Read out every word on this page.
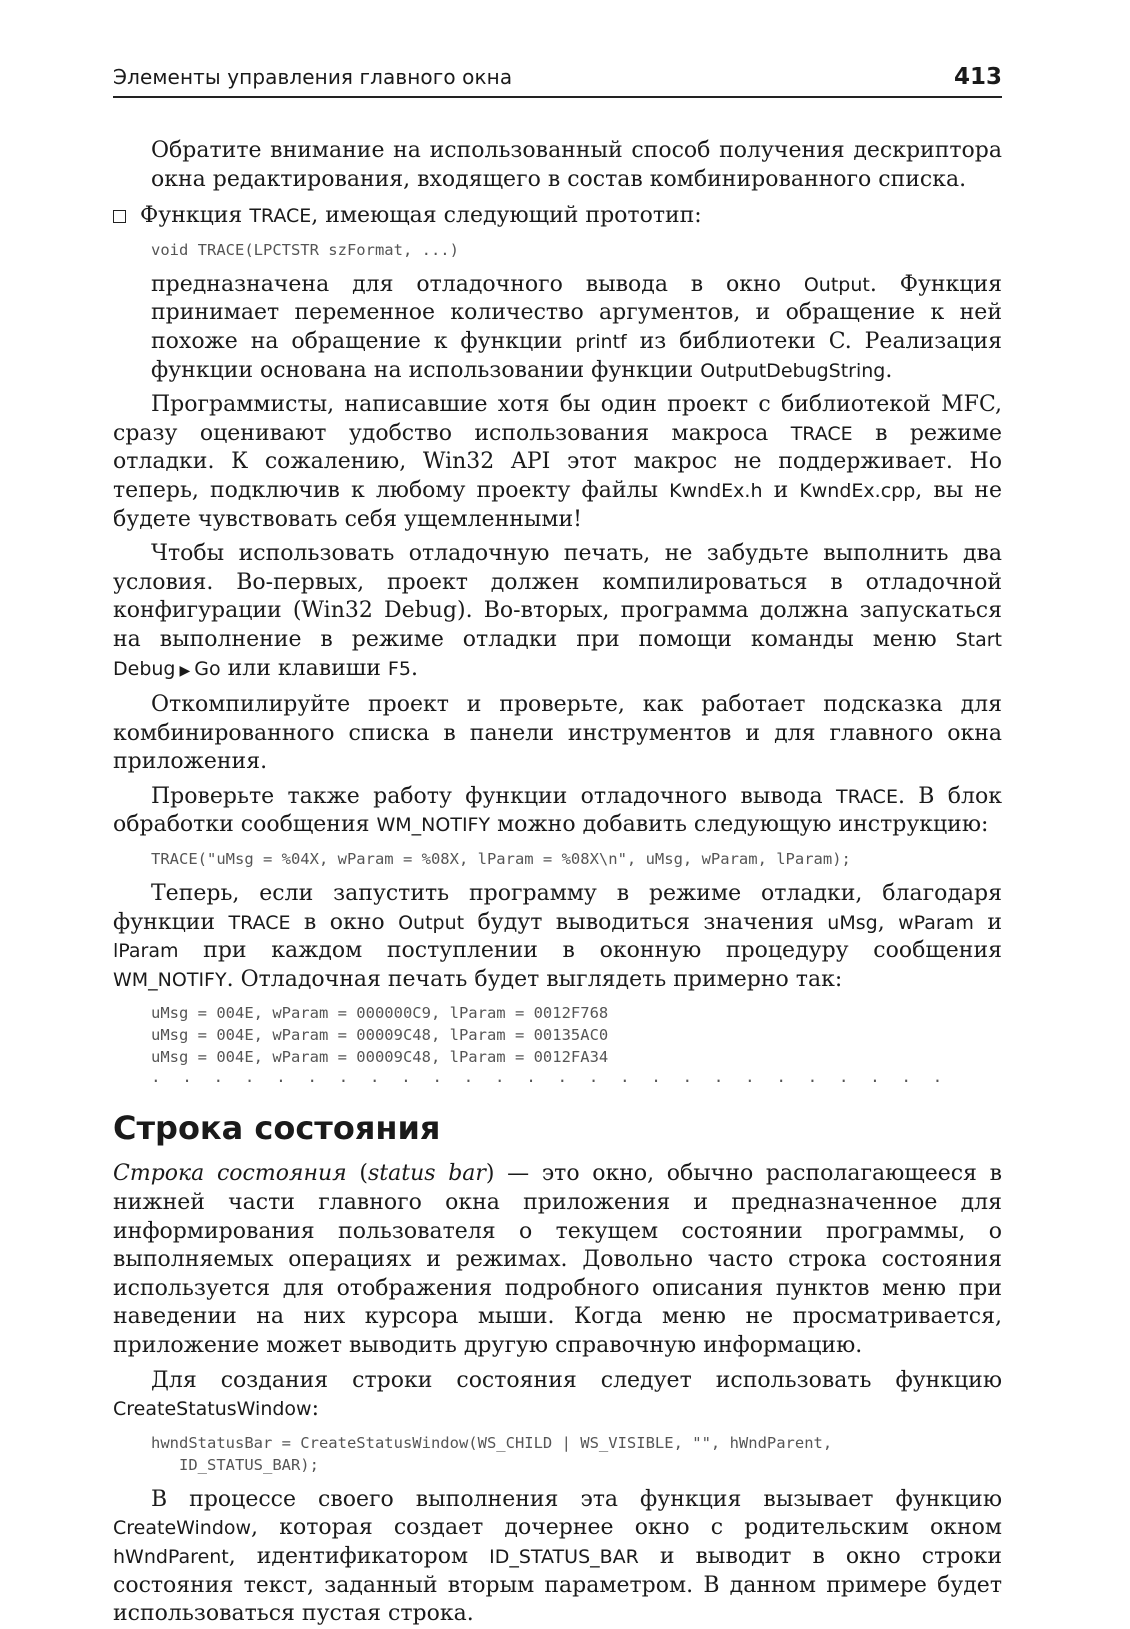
Элементы управления главного окна	413

Обратите внимание на использованный способ получения дескриптора окна редактирования, входящего в состав комбинированного списка.

Функция TRACE, имеющая следующий прототип:

void TRACE(LPCTSTR szFormat, ...)

предназначена для отладочного вывода в окно Output. Функция принимает переменное количество аргументов, и обращение к ней похоже на обращение к функции printf из библиотеки C. Реализация функции основана на использовании функции OutputDebugString.

Программисты, написавшие хотя бы один проект с библиотекой MFC, сразу оценивают удобство использования макроса TRACE в режиме отладки. К сожалению, Win32 API этот макрос не поддерживает. Но теперь, подключив к любому проекту файлы KwndEx.h и KwndEx.cpp, вы не будете чувствовать себя ущемленными!

Чтобы использовать отладочную печать, не забудьте выполнить два условия. Во-первых, проект должен компилироваться в отладочной конфигурации (Win32 Debug). Во-вторых, программа должна запускаться на выполнение в режиме отладки при помощи команды меню Start Debug ▶ Go или клавиши F5.

Откомпилируйте проект и проверьте, как работает подсказка для комбинированного списка в панели инструментов и для главного окна приложения.

Проверьте также работу функции отладочного вывода TRACE. В блок обработки сообщения WM_NOTIFY можно добавить следующую инструкцию:

TRACE("uMsg = %04X, wParam = %08X, lParam = %08X\n", uMsg, wParam, lParam);

Теперь, если запустить программу в режиме отладки, благодаря функции TRACE в окно Output будут выводиться значения uMsg, wParam и lParam при каждом поступлении в оконную процедуру сообщения WM_NOTIFY. Отладочная печать будет выглядеть примерно так:

uMsg = 004E, wParam = 000000C9, lParam = 0012F768
uMsg = 004E, wParam = 00009C48, lParam = 00135AC0
uMsg = 004E, wParam = 00009C48, lParam = 0012FA34
. . . . . . . . . . . . . . . . . . . . . . . . . .
Строка состояния

Строка состояния (status bar) — это окно, обычно располагающееся в нижней части главного окна приложения и предназначенное для информирования пользователя о текущем состоянии программы, о выполняемых операциях и режимах. Довольно часто строка состояния используется для отображения подробного описания пунктов меню при наведении на них курсора мыши. Когда меню не просматривается, приложение может выводить другую справочную информацию.

Для создания строки состояния следует использовать функцию CreateStatusWindow:

hwndStatusBar = CreateStatusWindow(WS_CHILD | WS_VISIBLE, "", hWndParent,
ID_STATUS_BAR);

В процессе своего выполнения эта функция вызывает функцию CreateWindow, которая создает дочернее окно с родительским окном hWndParent, идентификатором ID_STATUS_BAR и выводит в окно строки состояния текст, заданный вторым параметром. В данном примере будет использоваться пустая строка.
